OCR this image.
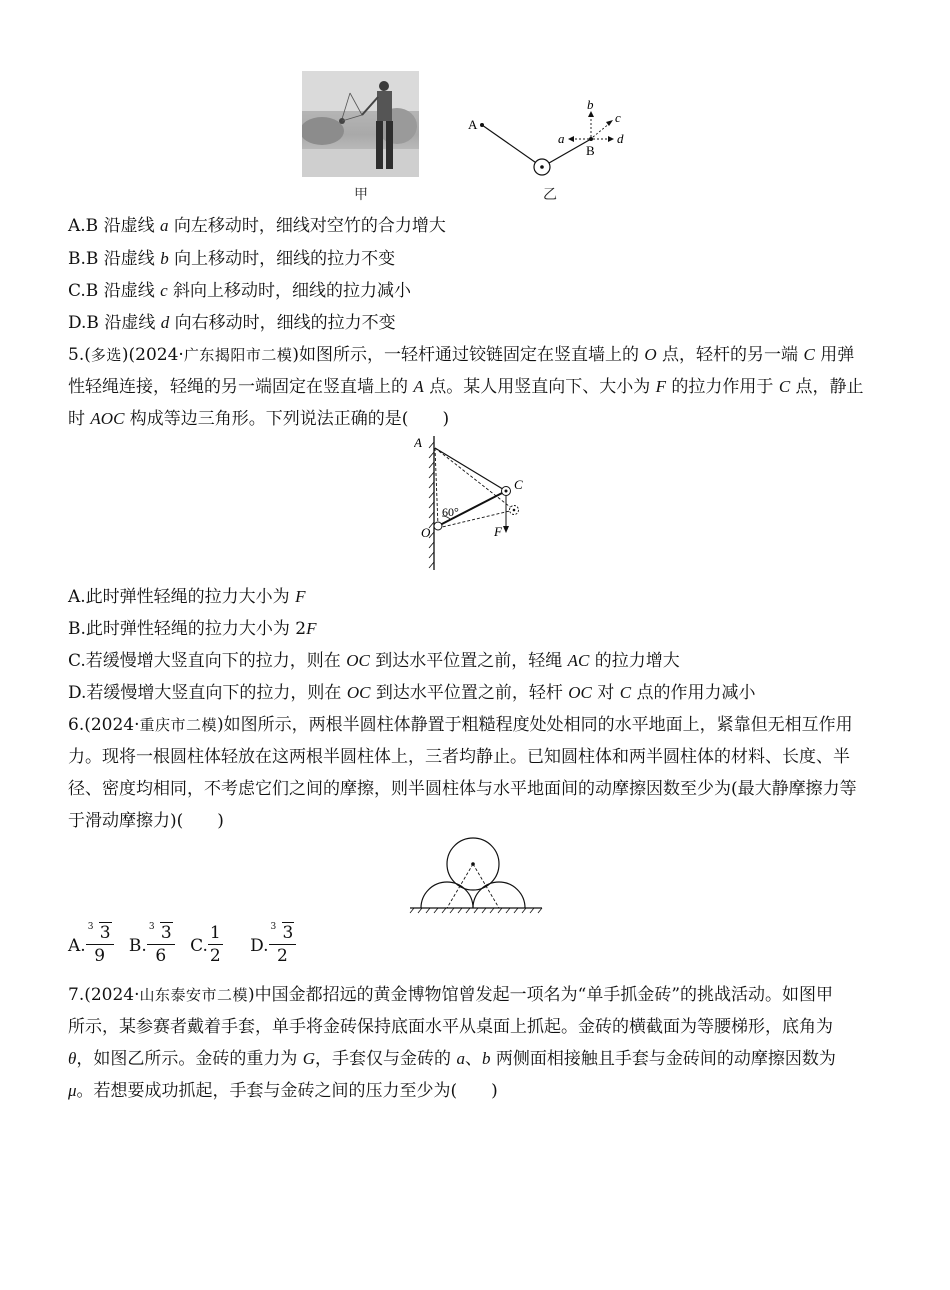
甲
A
b
c
a	d
B
乙
A.B 沿虚线 a 向左移动时，细线对空竹的合力增大
B.B 沿虚线 b 向上移动时，细线的拉力不变
C.B 沿虚线 c 斜向上移动时，细线的拉力减小
D.B 沿虚线 d 向右移动时，细线的拉力不变
5.(多选)(2024·广东揭阳市二模)如图所示，一轻杆通过铰链固定在竖直墙上的 O 点，轻杆的另一端 C 用弹
性轻绳连接，轻绳的另一端固定在竖直墙上的 A 点。某人用竖直向下、大小为 F 的拉力作用于 C 点，静止
时 AOC 构成等边三角形。下列说法正确的是(　　)
A
C
60°
O	F
A.此时弹性轻绳的拉力大小为 F
B.此时弹性轻绳的拉力大小为 2F
C.若缓慢增大竖直向下的拉力，则在 OC 到达水平位置之前，轻绳 AC 的拉力增大
D.若缓慢增大竖直向下的拉力，则在 OC 到达水平位置之前，轻杆 OC 对 C 点的作用力减小
6.(2024·重庆市二模)如图所示，两根半圆柱体静置于粗糙程度处处相同的水平地面上，紧靠但无相互作用
力。现将一根圆柱体轻放在这两根半圆柱体上，三者均静止。已知圆柱体和两半圆柱体的材料、长度、半
径、密度均相同，不考虑它们之间的摩擦，则半圆柱体与水平地面间的动摩擦因数至少为(最大静摩擦力等
于滑动摩擦力)(　　)
A. $\frac{3 3}{9} B$. $\frac{3 3}{6} C$. $\frac{1}{2} D$. $\frac{3 3}{2}$
7.(2024·山东泰安市二模)中国金都招远的黄金博物馆曾发起一项名为“单手抓金砖”的挑战活动。如图甲
所示，某参赛者戴着手套，单手将金砖保持底面水平从桌面上抓起。金砖的横截面为等腰梯形，底角为
θ，如图乙所示。金砖的重力为 G，手套仅与金砖的 a、b 两侧面相接触且手套与金砖间的动摩擦因数为
μ。若想要成功抓起，手套与金砖之间的压力至少为(　　)
